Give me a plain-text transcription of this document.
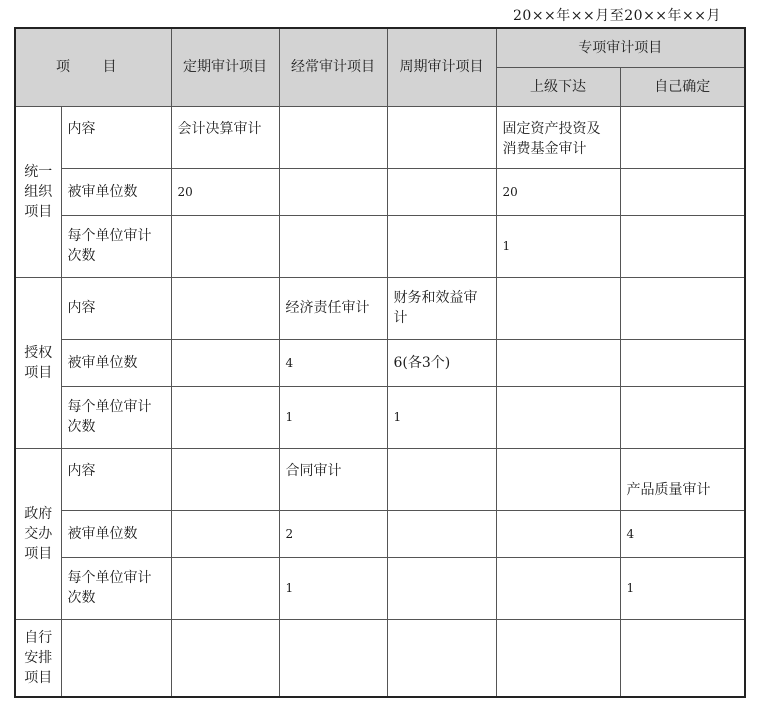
20××年××月至20××年××月
项 目		定期审计项目	经常审计项目	周期审计项目	专项审计项目	
					上级下达	自己确定
统一组织项目	内容	会计决算审计			固定资产投资及消费基金审计	
	被审单位数	20			20	
	每个单位审计次数				1	
授权项目	内容		经济责任审计	财务和效益审计		
	被审单位数		4	6(各3个)		
	每个单位审计次数		1	1		
政府交办项目	内容		合同审计			产品质量审计
	被审单位数		2			4
	每个单位审计次数		1			1
自行安排项目						
